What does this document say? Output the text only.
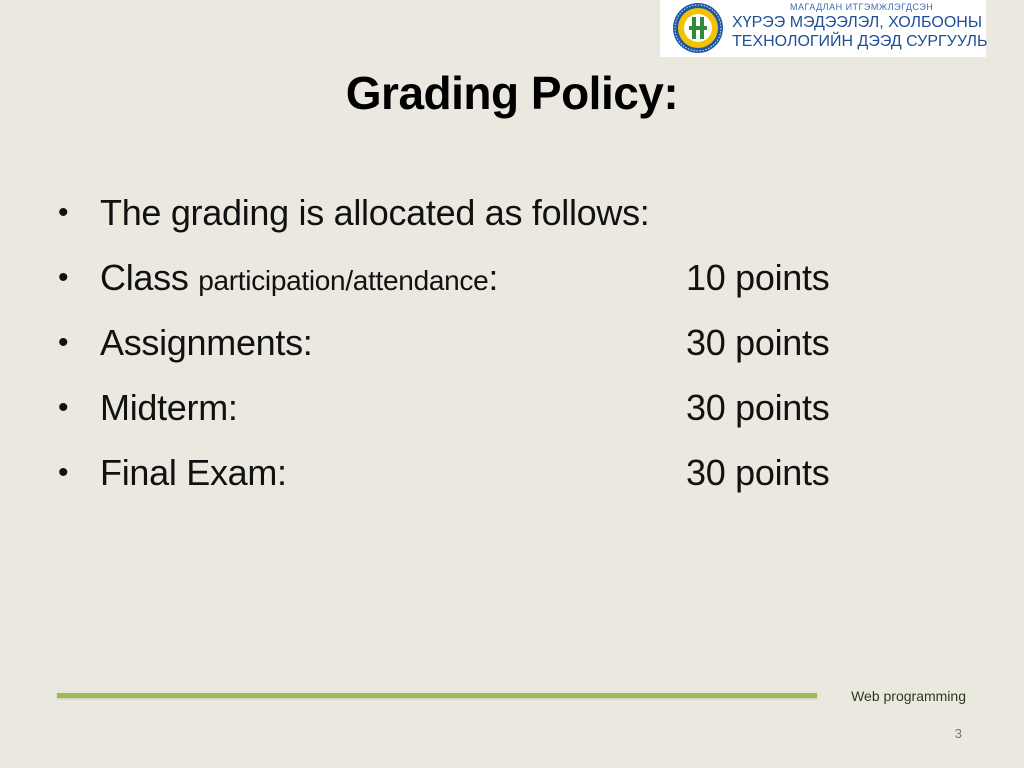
МАГАДЛАН ИТГЭМЖЛЭГДСЭН
ХҮРЭЭ МЭДЭЭЛЭЛ, ХОЛБООНЫ
ТЕХНОЛОГИЙН ДЭЭД СУРГУУЛЬ
Grading Policy:
• The grading is allocated as follows:
• Class participation/attendance:	10 points
• Assignments:	30 points
• Midterm:	30 points
• Final Exam:	30 points
Web programming
3
